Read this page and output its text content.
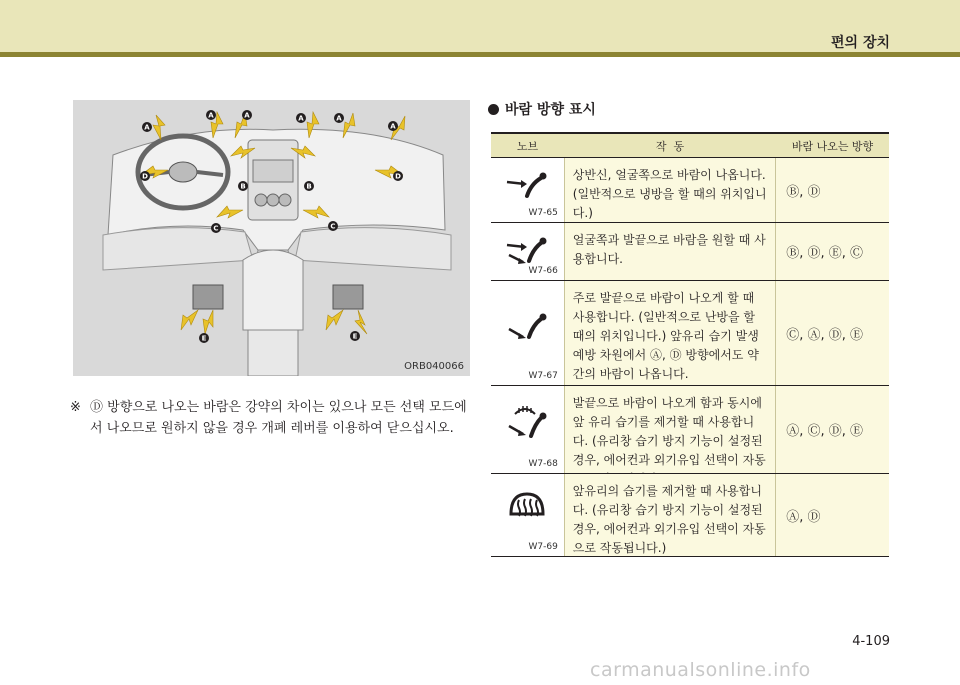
편의 장치
A
A	A	A	A
A
B	B
C	C
D	D
E	E
ORB040066
※ Ⓓ 방향으로 나오는 바람은 강약의 차이는 있으나 모든 선택 모드에서 나오므로 원하지 않을 경우 개폐 레버를 이용하여 닫으십시오.
바람 방향 표시
노브	작  동	바람 나오는 방향
W7-65
상반신, 얼굴쪽으로 바람이 나옵니다. (일반적으로 냉방을 할 때의 위치입니다.)
Ⓑ, Ⓓ
W7-66
얼굴쪽과 발끝으로 바람을 원할 때 사용합니다.	Ⓑ, Ⓓ, Ⓔ, Ⓒ
W7-67
주로 발끝으로 바람이 나오게 할 때 사용합니다. (일반적으로 난방을 할 때의 위치입니다.) 앞유리 습기 발생 예방 차원에서 Ⓐ, Ⓓ 방향에서도 약간의 바람이 나옵니다.
Ⓒ, Ⓐ, Ⓓ, Ⓔ
W7-68
발끝으로 바람이 나오게 함과 동시에 앞 유리 습기를 제거할 때 사용합니다. (유리창 습기 방지 기능이 설정된 경우, 에어컨과 외기유입 선택이 자동
Ⓐ, Ⓒ, Ⓓ, Ⓔ
W7-69
앞유리의 습기를 제거할 때 사용합니다. (유리창 습기 방지 기능이 설정된 경우, 에어컨과 외기유입 선택이 자동으로 작동됩니다.)
Ⓐ, Ⓓ
4-109
carmanualsonline.info
